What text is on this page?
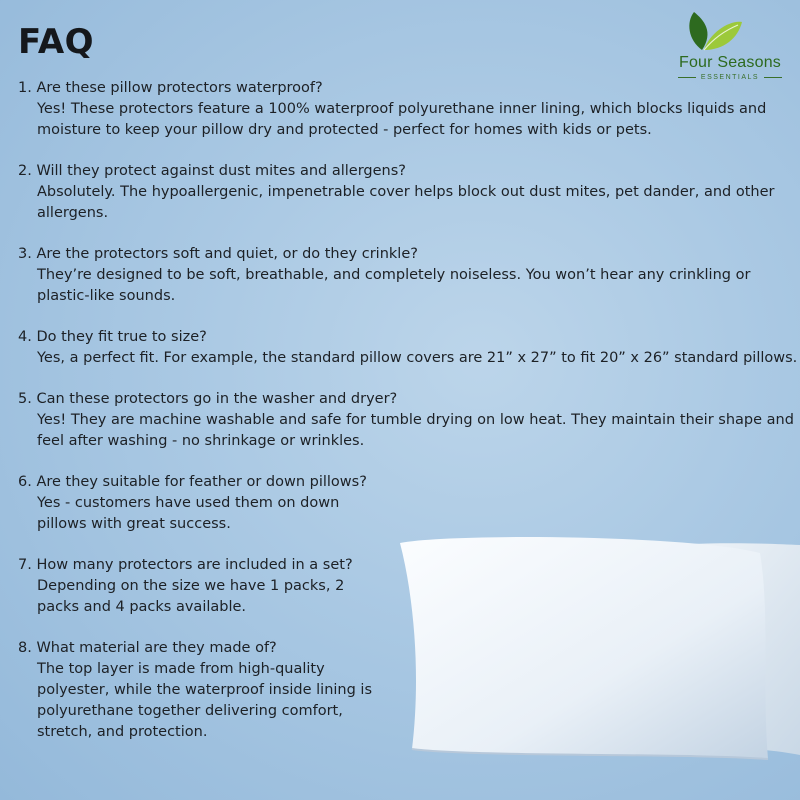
FAQ
Four Seasons
ESSENTIALS
1. Are these pillow protectors waterproof?
Yes! These protectors feature a 100% waterproof polyurethane inner lining, which blocks liquids and moisture to keep your pillow dry and protected - perfect for homes with kids or pets.
2. Will they protect against dust mites and allergens?
Absolutely. The hypoallergenic, impenetrable cover helps block out dust mites, pet dander, and other allergens.
3. Are the protectors soft and quiet, or do they crinkle?
They’re designed to be soft, breathable, and completely noiseless. You won’t hear any crinkling or plastic-like sounds.
4. Do they fit true to size?
Yes, a perfect fit. For example, the standard pillow covers are 21” x 27” to fit 20” x 26” standard pillows.
5. Can these protectors go in the washer and dryer?
Yes! They are machine washable and safe for tumble drying on low heat. They maintain their shape and feel after washing - no shrinkage or wrinkles.
6. Are they suitable for feather or down pillows?
Yes - customers have used them on down pillows with great success.
7. How many protectors are included in a set?
Depending on the size we have 1 packs, 2 packs and 4 packs available.
8. What material are they made of?
The top layer is made from high-quality polyester, while the waterproof inside lining is polyurethane together delivering comfort, stretch, and protection.
